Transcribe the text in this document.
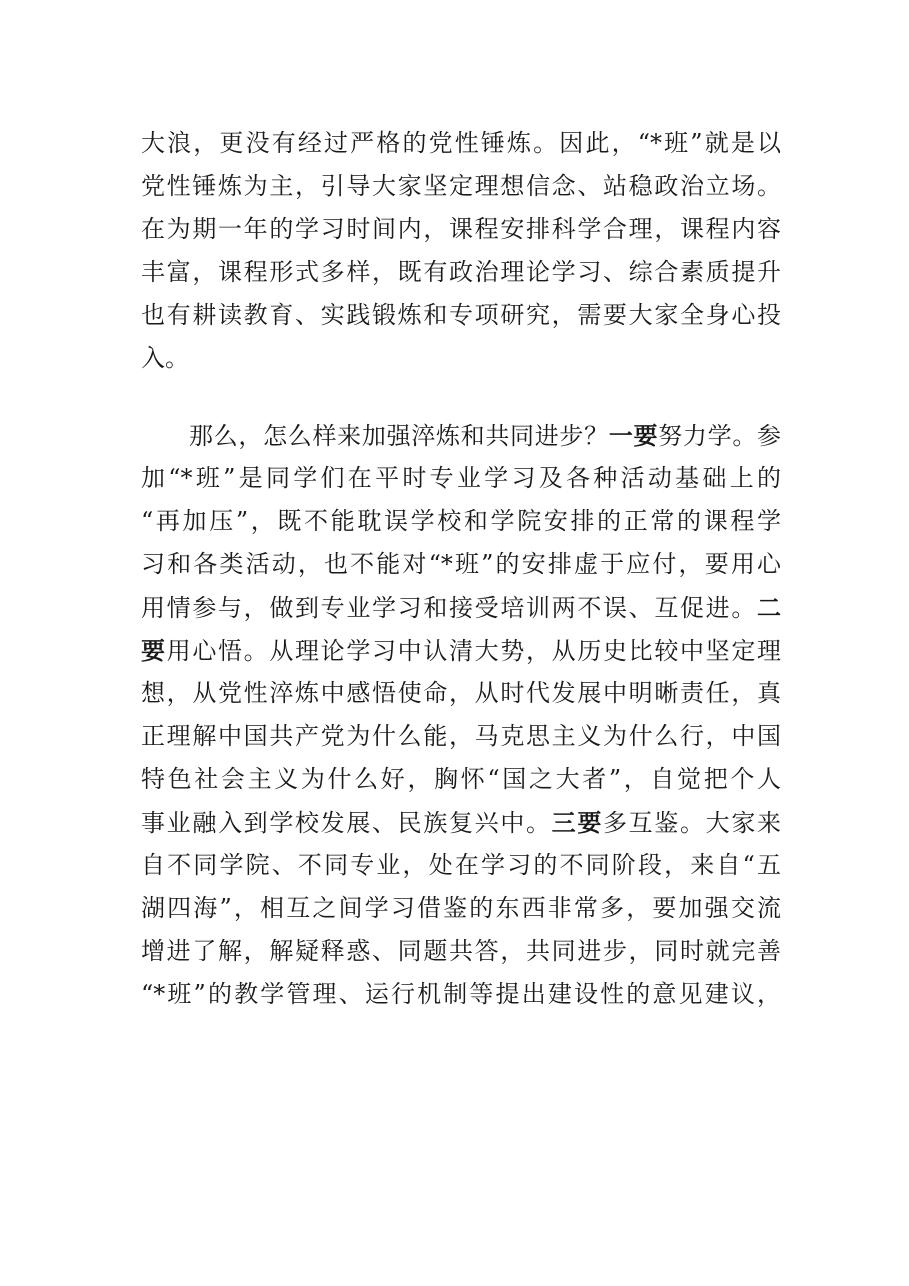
大浪，更没有经过严格的党性锤炼。因此，“*班”就是以
党性锤炼为主，引导大家坚定理想信念、站稳政治立场。
在为期一年的学习时间内，课程安排科学合理，课程内容
丰富，课程形式多样，既有政治理论学习、综合素质提升
也有耕读教育、实践锻炼和专项研究，需要大家全身心投
入。
那么，怎么样来加强淬炼和共同进步？一要努力学。参
加“*班”是同学们在平时专业学习及各种活动基础上的
“再加压”，既不能耽误学校和学院安排的正常的课程学
习和各类活动，也不能对“*班”的安排虚于应付，要用心
用情参与，做到专业学习和接受培训两不误、互促进。二
要用心悟。从理论学习中认清大势，从历史比较中坚定理
想，从党性淬炼中感悟使命，从时代发展中明晰责任，真
正理解中国共产党为什么能，马克思主义为什么行，中国
特色社会主义为什么好，胸怀“国之大者”，自觉把个人
事业融入到学校发展、民族复兴中。三要多互鉴。大家来
自不同学院、不同专业，处在学习的不同阶段，来自“五
湖四海”，相互之间学习借鉴的东西非常多，要加强交流
增进了解，解疑释惑、同题共答，共同进步，同时就完善
“*班”的教学管理、运行机制等提出建设性的意见建议，
